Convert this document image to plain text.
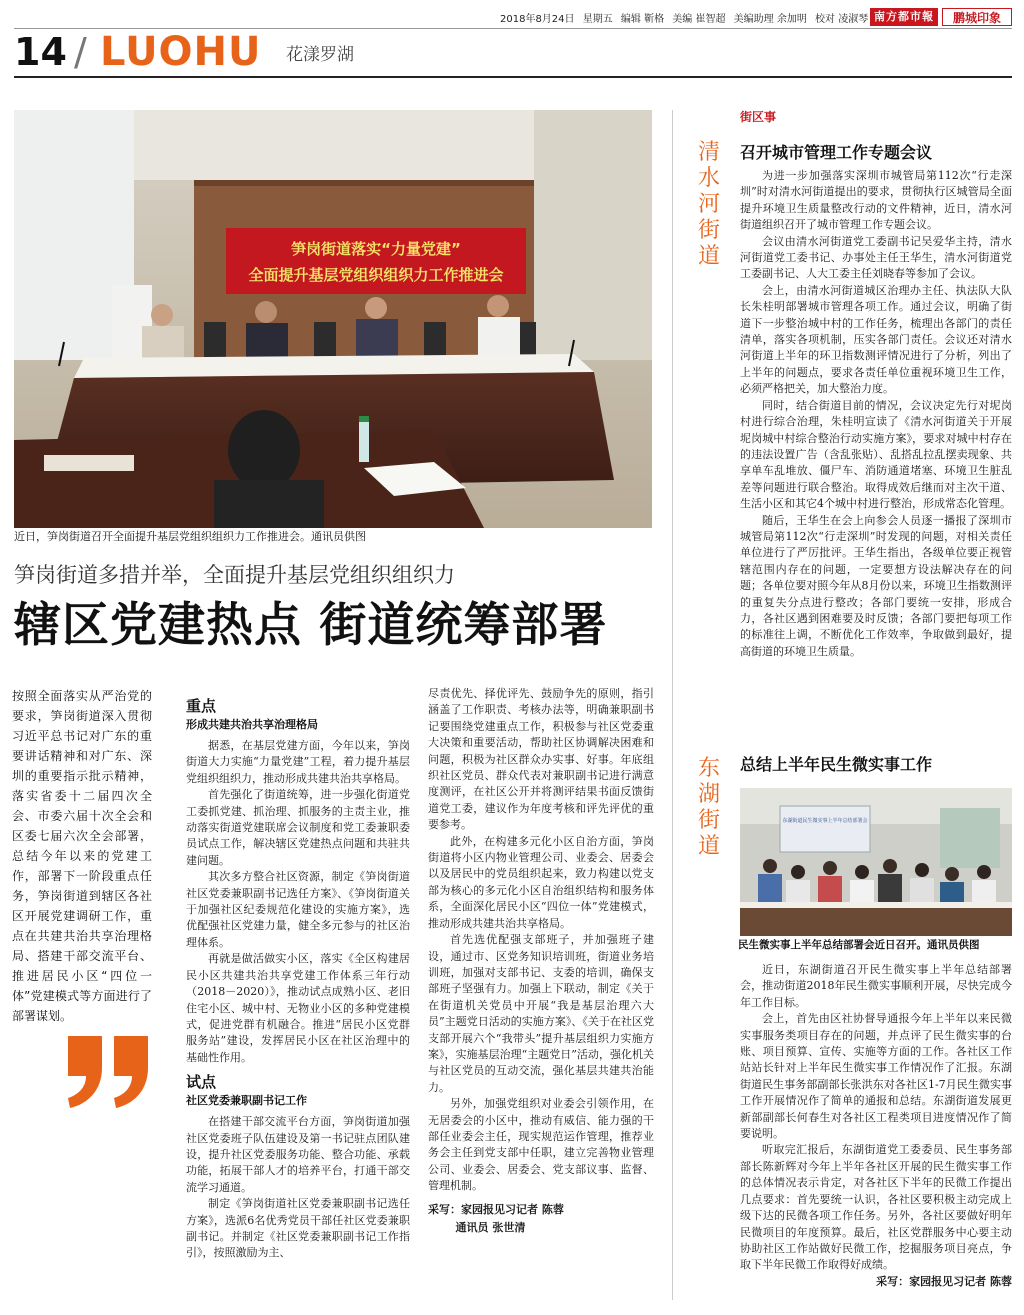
2018年8月24日 星期五 编辑 靳格 美编 崔智超 美编助理 余加明 校对 凌淑琴 南方都市報	鹏城印象
14 / LUOHU 花漾罗湖
笋岗街道落实“力量党建”
全面提升基层党组织组织力工作推进会
近日，笋岗街道召开全面提升基层党组织组织力工作推进会。通讯员供图
笋岗街道多措并举，全面提升基层党组织组织力
辖区党建热点 街道统筹部署
按照全面落实从严治党的要求，笋岗街道深入贯彻习近平总书记对广东的重要讲话精神和对广东、深圳的重要指示批示精神，落实省委十二届四次全会、市委六届十次全会和区委七届六次全会部署，总结今年以来的党建工作，部署下一阶段重点任务，笋岗街道到辖区各社区开展党建调研工作，重点在共建共治共享治理格局、搭建干部交流平台、推进居民小区“四位一体”党建模式等方面进行了部署谋划。
重点
形成共建共治共享治理格局

据悉，在基层党建方面，今年以来，笋岗街道大力实施“力量党建”工程，着力提升基层党组织组织力，推动形成共建共治共享格局。

首先强化了街道统筹，进一步强化街道党工委抓党建、抓治理、抓服务的主责主业，推动落实街道党建联席会议制度和党工委兼职委员试点工作，解决辖区党建热点问题和共驻共建问题。

其次多方整合社区资源，制定《笋岗街道社区党委兼职副书记选任方案》、《笋岗街道关于加强社区纪委规范化建设的实施方案》，选优配强社区党建力量，健全多元参与的社区治理体系。

再就是做活做实小区，落实《全区构建居民小区共建共治共享党建工作体系三年行动（2018－2020）》，推动试点成熟小区、老旧住宅小区、城中村、无物业小区的多种党建模式，促进党群有机融合。推进“居民小区党群服务站”建设，发挥居民小区在社区治理中的基础性作用。

试点
社区党委兼职副书记工作

在搭建干部交流平台方面，笋岗街道加强社区党委班子队伍建设及第一书记驻点团队建设，提升社区党委服务功能、整合功能、承载功能，拓展干部人才的培养平台，打通干部交流学习通道。

制定《笋岗街道社区党委兼职副书记选任方案》，选派6名优秀党员干部任社区党委兼职副书记。并制定《社区党委兼职副书记工作指引》，按照激励为主、

尽责优先、择优评先、鼓励争先的原则，指引涵盖了工作职责、考核办法等，明确兼职副书记要围绕党建重点工作，积极参与社区党委重大决策和重要活动，帮助社区协调解决困难和问题，积极为社区群众办实事、好事。年底组织社区党员、群众代表对兼职副书记进行满意度测评，在社区公开并将测评结果书面反馈街道党工委，建议作为年度考核和评先评优的重要参考。

此外，在构建多元化小区自治方面，笋岗街道将小区内物业管理公司、业委会、居委会以及居民中的党员组织起来，致力构建以党支部为核心的多元化小区自治组织结构和服务体系，全面深化居民小区“四位一体”党建模式，推动形成共建共治共享格局。

首先选优配强支部班子，并加强班子建设，通过市、区党务知识培训班，街道业务培训班，加强对支部书记、支委的培训，确保支部班子坚强有力。加强上下联动，制定《关于在街道机关党员中开展“我是基层治理六大员”主题党日活动的实施方案》、《关于在社区党支部开展六个“我带头”提升基层组织力实施方案》，实施基层治理“主题党日”活动，强化机关与社区党员的互动交流，强化基层共建共治能力。

另外，加强党组织对业委会引领作用，在无居委会的小区中，推动有威信、能力强的干部任业委会主任，现实规范运作管理，推荐业务会主任到党支部中任职，建立完善物业管理公司、业委会、居委会、党支部议事、监督、管理机制。

采写：家园报见习记者 陈蓉

通讯员 张世清

街区事
清
水
河
街
道
召开城市管理工作专题会议

为进一步加强落实深圳市城管局第112次“行走深圳”时对清水河街道提出的要求，贯彻执行区城管局全面提升环境卫生质量整改行动的文件精神，近日，清水河街道组织召开了城市管理工作专题会议。

会议由清水河街道党工委副书记吴爱华主持，清水河街道党工委书记、办事处主任王华生，清水河街道党工委副书记、人大工委主任刘晓春等参加了会议。

会上，由清水河街道城区治理办主任、执法队大队长朱桂明部署城市管理各项工作。通过会议，明确了街道下一步整治城中村的工作任务，梳理出各部门的责任清单，落实各项机制，压实各部门责任。会议还对清水河街道上半年的环卫指数测评情况进行了分析，列出了上半年的问题点，要求各责任单位重视环境卫生工作，必须严格把关，加大整治力度。

同时，结合街道目前的情况，会议决定先行对坭岗村进行综合治理，朱桂明宣读了《清水河街道关于开展坭岗城中村综合整治行动实施方案》，要求对城中村存在的违法设置广告（含乱张贴）、乱搭乱拉乱摆卖现象、共享单车乱堆放、僵尸车、消防通道堵塞、环境卫生脏乱差等问题进行联合整治。取得成效后继而对主次干道、生活小区和其它4个城中村进行整治，形成常态化管理。

随后，王华生在会上向参会人员逐一播报了深圳市城管局第112次“行走深圳”时发现的问题，对相关责任单位进行了严厉批评。王华生指出，各级单位要正视管辖范围内存在的问题，一定要想方设法解决存在的问题；各单位要对照今年从8月份以来，环境卫生指数测评的重复失分点进行整改；各部门要统一安排，形成合力，各社区遇到困难要及时反馈；各部门要把每项工作的标准往上调，不断优化工作效率，争取做到最好，提高街道的环境卫生质量。

东
湖
街
道
总结上半年民生微实事工作
东湖街道民生微实事上半年总结部署会
民生微实事上半年总结部署会近日召开。通讯员供图

近日，东湖街道召开民生微实事上半年总结部署会，推动街道2018年民生微实事顺利开展，尽快完成今年工作目标。

会上，首先由区社协督导通报今年上半年以来民微实事服务类项目存在的问题，并点评了民生微实事的台账、项目预算、宣传、实施等方面的工作。各社区工作站站长针对上半年民生微实事工作情况作了汇报。东湖街道民生事务部副部长张洪东对各社区1-7月民生微实事工作开展情况作了简单的通报和总结。东湖街道发展更新部副部长何春生对各社区工程类项目进度情况作了简要说明。

听取完汇报后，东湖街道党工委委员、民生事务部部长陈新辉对今年上半年各社区开展的民生微实事工作的总体情况表示肯定，对各社区下半年的民微工作提出几点要求：首先要统一认识，各社区要积极主动完成上级下达的民微各项工作任务。另外，各社区要做好明年民微项目的年度预算。最后，社区党群服务中心要主动协助社区工作站做好民微工作，挖掘服务项目亮点，争取下半年民微工作取得好成绩。

采写：家园报见习记者 陈蓉
